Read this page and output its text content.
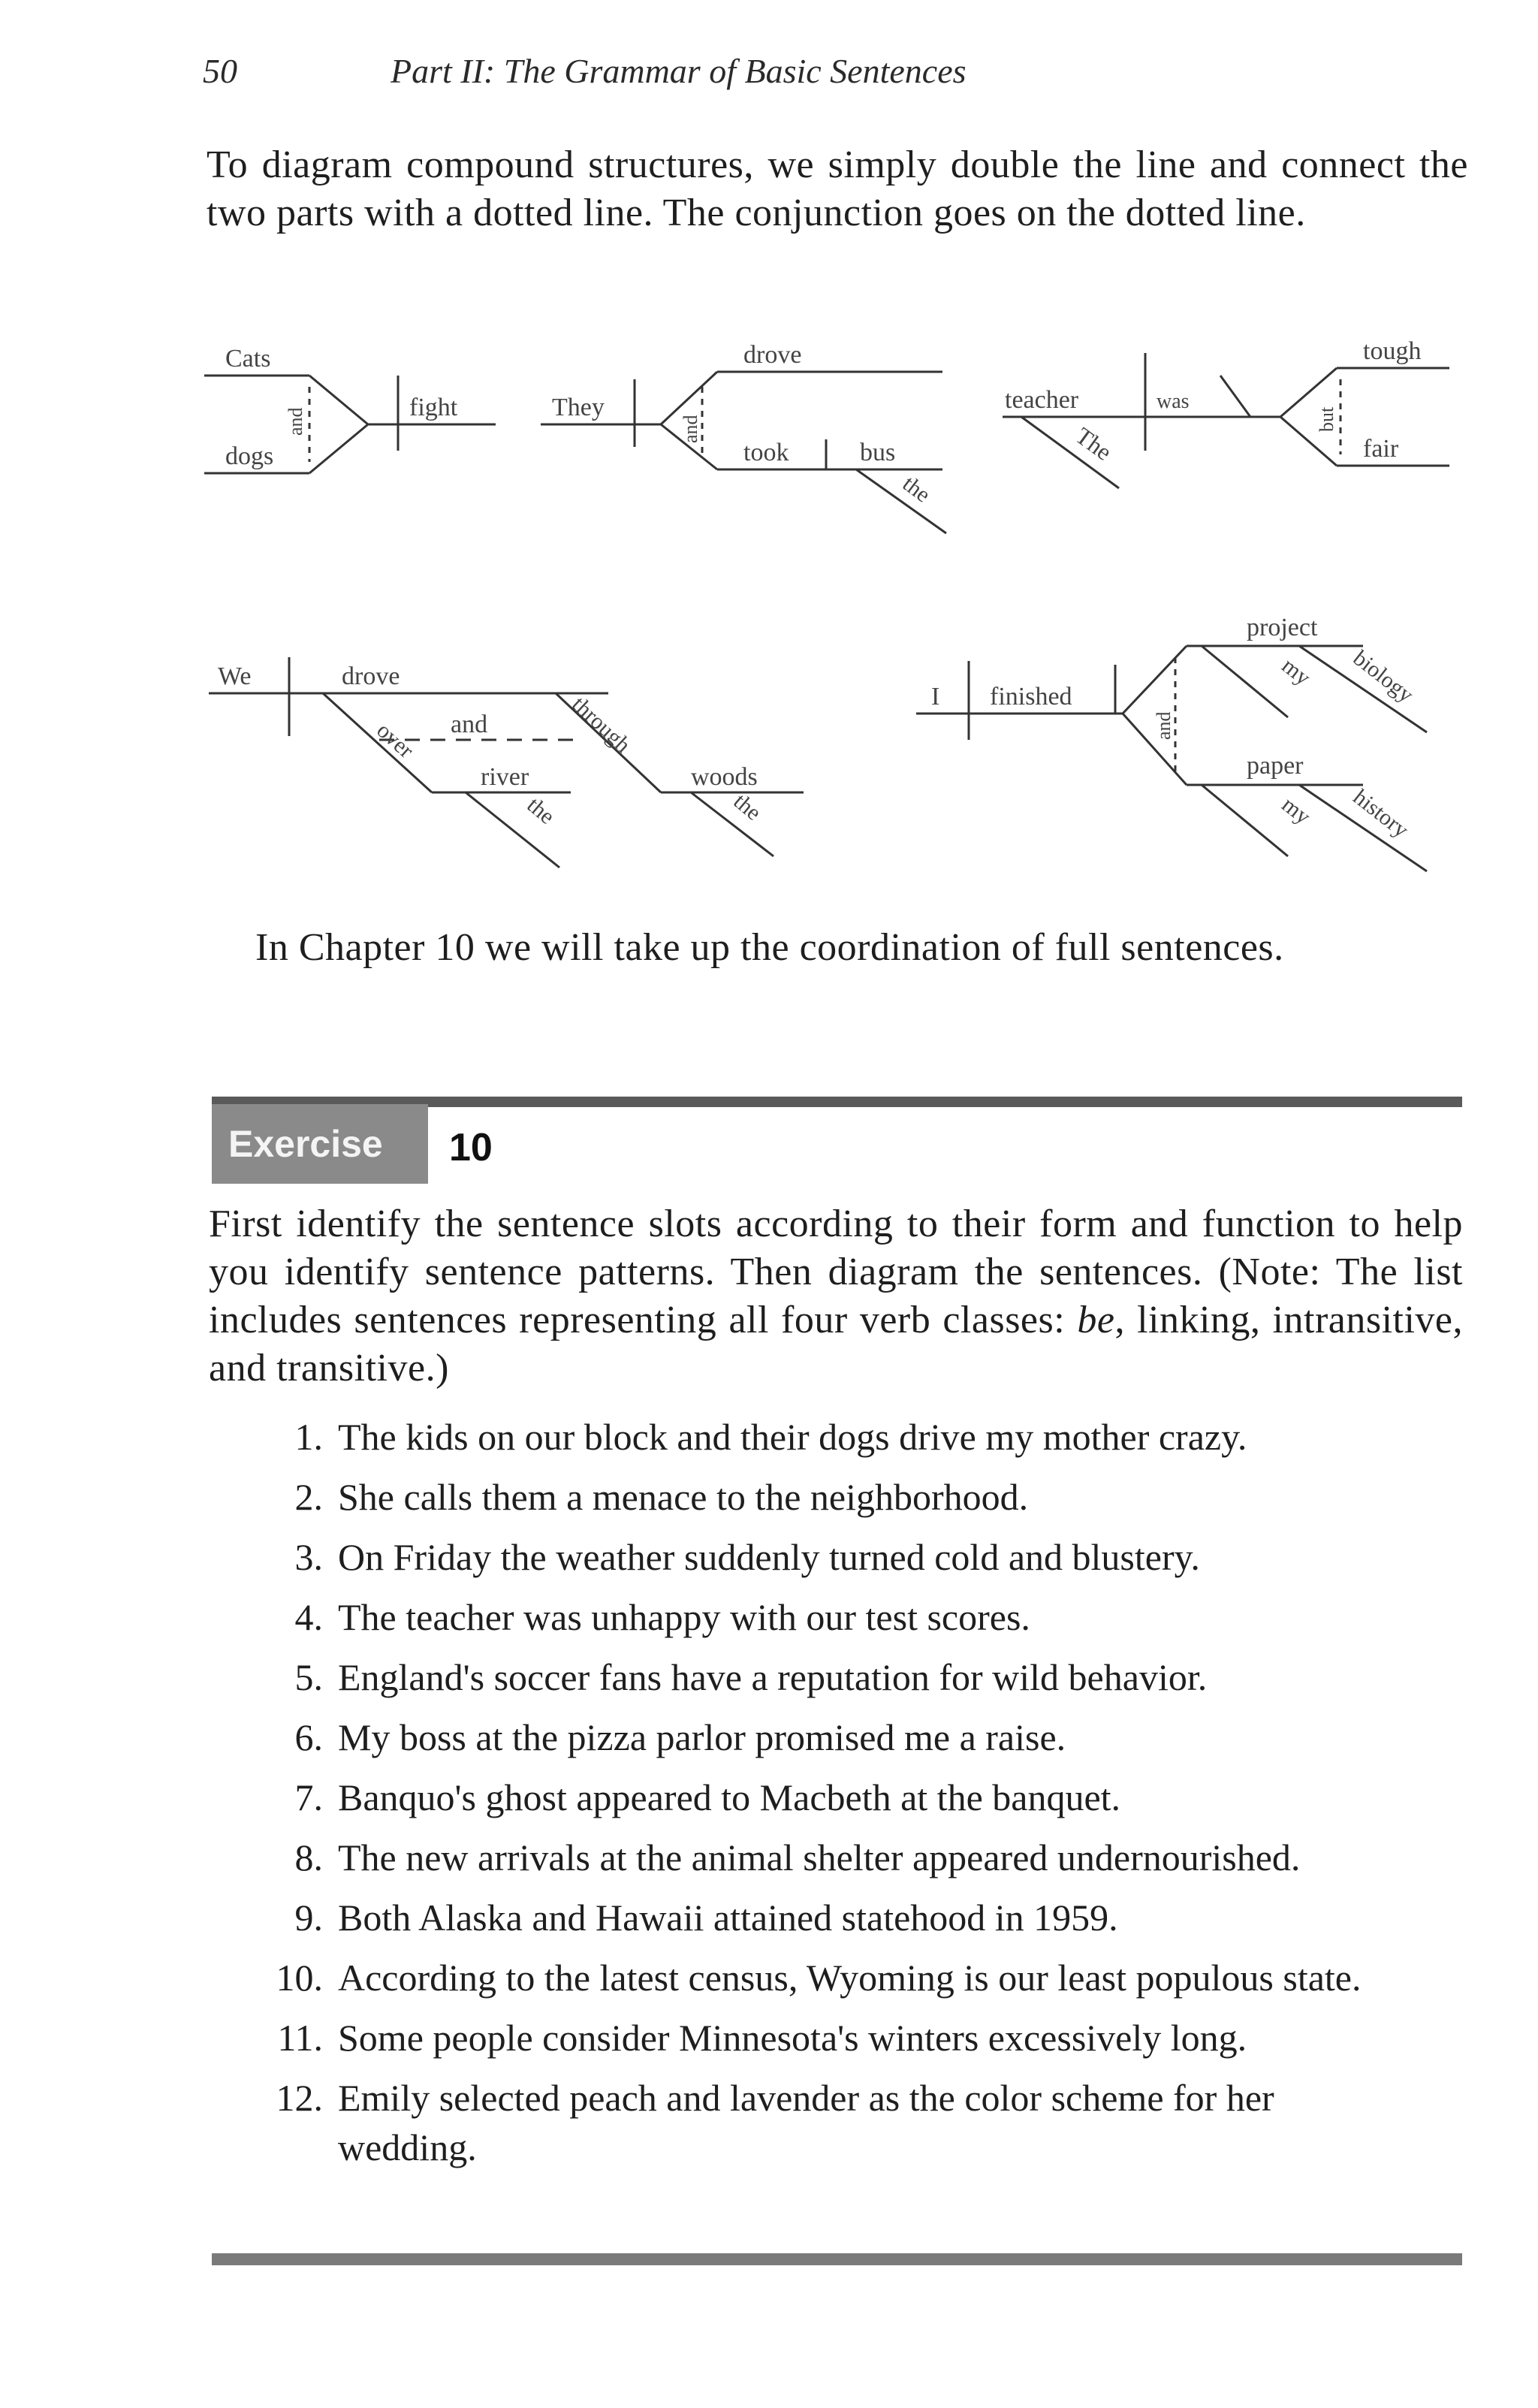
50	Part II: The Grammar of Basic Sentences

To diagram compound structures, we simply double the line and connect the two parts with a dotted line. The conjunction goes on the dotted line.

Cats
dogs
and	fight	They
drove
took
and
bus
the
teacher	was
tough
fair
but
The
We	drove
over and	through
river
the
woods
the
I finished
project
my biology
and
paper
my history

In Chapter 10 we will take up the coordination of full sentences.

Exercise	10

First identify the sentence slots according to their form and function to help you identify sentence patterns. Then diagram the sentences. (Note: The list includes sentences representing all four verb classes: be, linking, intransitive, and transitive.)

1. The kids on our block and their dogs drive my mother crazy.
2. She calls them a menace to the neighborhood.
3. On Friday the weather suddenly turned cold and blustery.
4. The teacher was unhappy with our test scores.
5. England's soccer fans have a reputation for wild behavior.
6. My boss at the pizza parlor promised me a raise.
7. Banquo's ghost appeared to Macbeth at the banquet.
8. The new arrivals at the animal shelter appeared undernourished.
9. Both Alaska and Hawaii attained statehood in 1959.
10. According to the latest census, Wyoming is our least populous state.
11. Some people consider Minnesota's winters excessively long.
12. Emily selected peach and lavender as the color scheme for her wedding.
